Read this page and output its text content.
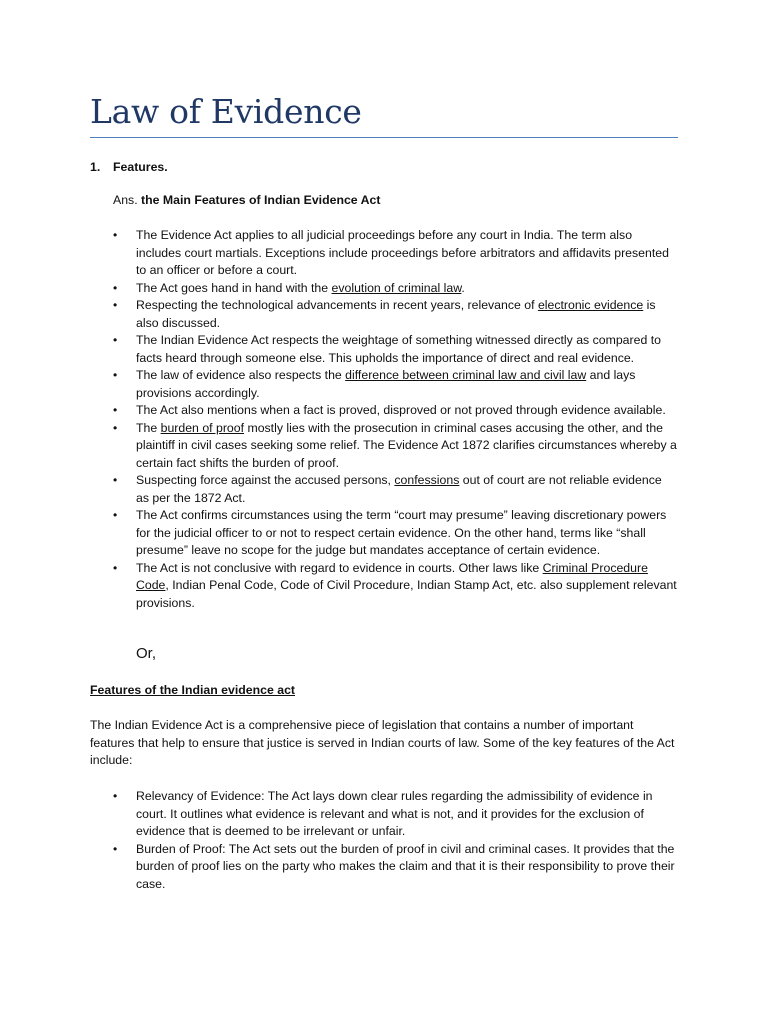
Law of Evidence
1. Features.
Ans. the Main Features of Indian Evidence Act
• The Evidence Act applies to all judicial proceedings before any court in India. The term also includes court martials. Exceptions include proceedings before arbitrators and affidavits presented to an officer or before a court.
• The Act goes hand in hand with the evolution of criminal law.
• Respecting the technological advancements in recent years, relevance of electronic evidence is also discussed.
• The Indian Evidence Act respects the weightage of something witnessed directly as compared to facts heard through someone else. This upholds the importance of direct and real evidence.
• The law of evidence also respects the difference between criminal law and civil law and lays provisions accordingly.
• The Act also mentions when a fact is proved, disproved or not proved through evidence available.
• The burden of proof mostly lies with the prosecution in criminal cases accusing the other, and the plaintiff in civil cases seeking some relief. The Evidence Act 1872 clarifies circumstances whereby a certain fact shifts the burden of proof.
• Suspecting force against the accused persons, confessions out of court are not reliable evidence as per the 1872 Act.
• The Act confirms circumstances using the term “court may presume” leaving discretionary powers for the judicial officer to or not to respect certain evidence. On the other hand, terms like “shall presume” leave no scope for the judge but mandates acceptance of certain evidence.
• The Act is not conclusive with regard to evidence in courts. Other laws like Criminal Procedure Code, Indian Penal Code, Code of Civil Procedure, Indian Stamp Act, etc. also supplement relevant provisions.
Or,
Features of the Indian evidence act
The Indian Evidence Act is a comprehensive piece of legislation that contains a number of important features that help to ensure that justice is served in Indian courts of law. Some of the key features of the Act include:
• Relevancy of Evidence: The Act lays down clear rules regarding the admissibility of evidence in court. It outlines what evidence is relevant and what is not, and it provides for the exclusion of evidence that is deemed to be irrelevant or unfair.
• Burden of Proof: The Act sets out the burden of proof in civil and criminal cases. It provides that the burden of proof lies on the party who makes the claim and that it is their responsibility to prove their case.
